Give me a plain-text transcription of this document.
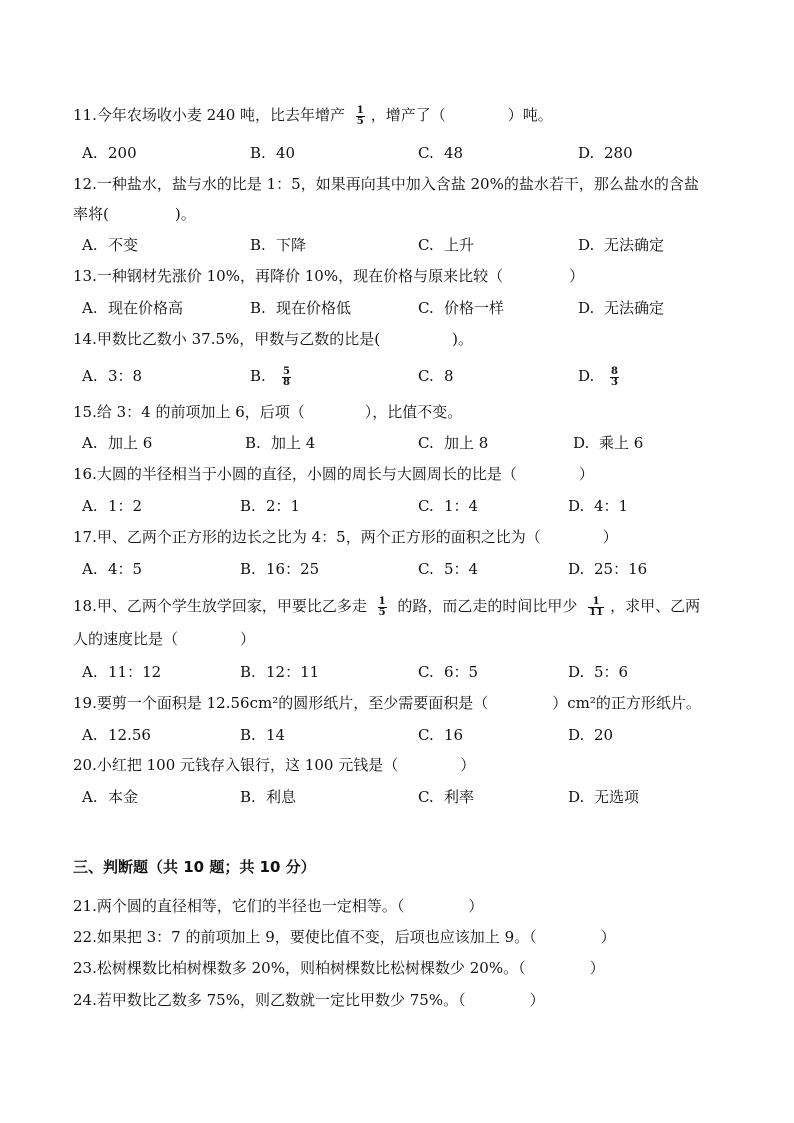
11.今年农场收小麦 240 吨，比去年增产 $\frac{1}{5}$ ，增产了（	）吨。
A. 200	B. 40	C. 48	D. 280
12.一种盐水，盐与水的比是 1：5，如果再向其中加入含盐 20%的盐水若干，那么盐水的含盐
率将(	)。
A. 不变	B. 下降	C. 上升	D. 无法确定
13.一种钢材先涨价 10%，再降价 10%，现在价格与原来比较（	）
A. 现在价格高	B. 现在价格低	C. 价格一样	D. 无法确定
14.甲数比乙数小 37.5%，甲数与乙数的比是(	)。
A. 3：8	B. $\frac{5}{8}$	C. 8	D. $\frac{8}{3}$
15.给 3：4 的前项加上 6，后项（	），比值不变。
A. 加上 6	B. 加上 4	C. 加上 8	D. 乘上 6
16.大圆的半径相当于小圆的直径，小圆的周长与大圆周长的比是（	）
A. 1：2	B. 2：1	C. 1：4	D. 4：1
17.甲、乙两个正方形的边长之比为 4：5，两个正方形的面积之比为（	）
A. 4：5	B. 16：25	C. 5：4	D. 25：16
18.甲、乙两个学生放学回家，甲要比乙多走 $\frac{1}{5}$ 的路，而乙走的时间比甲少 $\frac{1}{11}$ ，求甲、乙两
人的速度比是（	）
A. 11：12	B. 12：11	C. 6：5	D. 5：6
19.要剪一个面积是 12.56cm²的圆形纸片，至少需要面积是（	）cm²的正方形纸片。
A. 12.56	B. 14	C. 16	D. 20
20.小红把 100 元钱存入银行，这 100 元钱是（	）
A. 本金	B. 利息	C. 利率	D. 无选项
三、判断题（共 10 题；共 10 分）
21.两个圆的直径相等，它们的半径也一定相等。（	）
22.如果把 3：7 的前项加上 9，要使比值不变，后项也应该加上 9。（	）
23.松树棵数比柏树棵数多 20%，则柏树棵数比松树棵数少 20%。（	）
24.若甲数比乙数多 75%，则乙数就一定比甲数少 75%。（	）
